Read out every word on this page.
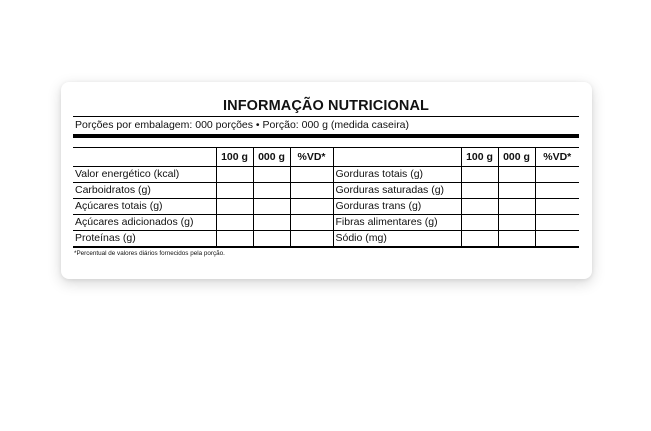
INFORMAÇÃO NUTRICIONAL
Porções por embalagem: 000 porções • Porção: 000 g (medida caseira)
	100 g	000 g	%VD*		100 g	000 g	%VD*
Valor energético (kcal)				Gorduras totais (g)			
Carboidratos (g)				Gorduras saturadas (g)			
Açúcares totais (g)				Gorduras trans (g)			
Açúcares adicionados (g)				Fibras alimentares (g)			
Proteínas (g)				Sódio (mg)			
*Percentual de valores diários fornecidos pela porção.
